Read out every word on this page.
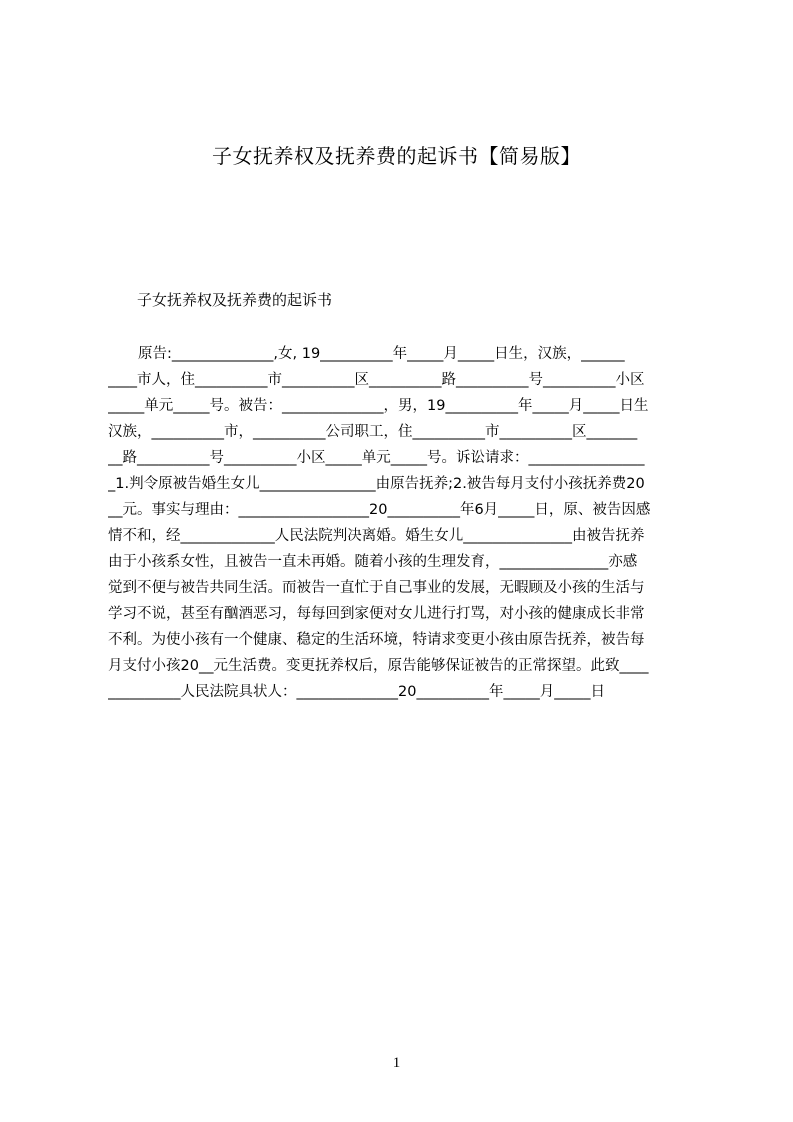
子女抚养权及抚养费的起诉书【简易版】

子女抚养权及抚养费的起诉书

原告:______________,女, 19__________年_____月_____日生，汉族，______
____市人，住__________市__________区__________路__________号__________小区
_____单元_____号。被告：______________，男，19__________年_____月_____日生
汉族，__________市，__________公司职工，住__________市__________区_______
__路__________号__________小区_____单元_____号。诉讼请求：________________
_1.判令原被告婚生女儿________________由原告抚养;2.被告每月支付小孩抚养费20
__元。事实与理由：__________________20__________年6月_____日，原、被告因感
情不和，经_____________人民法院判决离婚。婚生女儿_______________由被告抚养
由于小孩系女性，且被告一直未再婚。随着小孩的生理发育，_______________亦感
觉到不便与被告共同生活。而被告一直忙于自己事业的发展，无暇顾及小孩的生活与
学习不说，甚至有酗酒恶习，每每回到家便对女儿进行打骂，对小孩的健康成长非常
不利。为使小孩有一个健康、稳定的生活环境，特请求变更小孩由原告抚养，被告每
月支付小孩20__元生活费。变更抚养权后，原告能够保证被告的正常探望。此致____
__________人民法院具状人：______________20__________年_____月_____日
1
